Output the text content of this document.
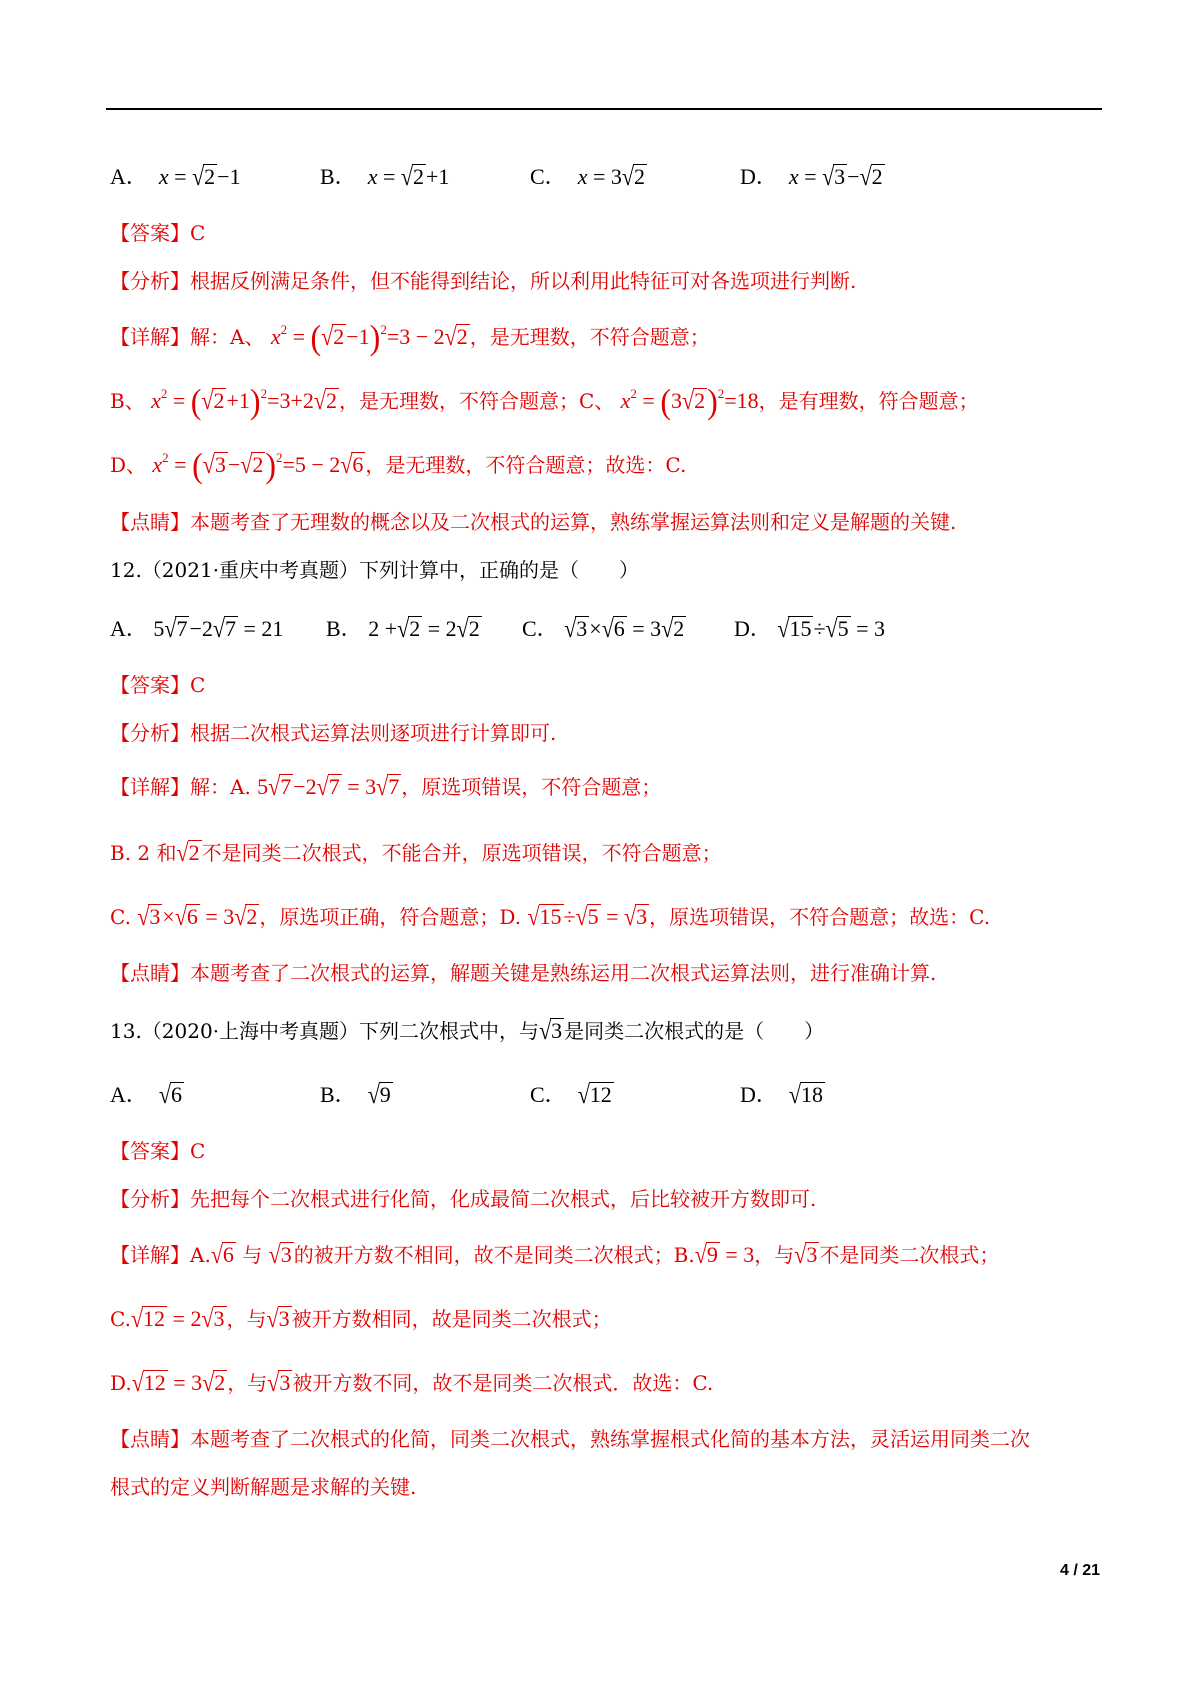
A． x = √2−1	B． x = √2+1	C． x = 3√2	D． x = √3−√2
【答案】C
【分析】根据反例满足条件，但不能得到结论，所以利用此特征可对各选项进行判断.
【详解】解：A、 $x^2 = (√2-1)^2=3 - 2√2$ ，是无理数，不符合题意；
B、 $x^2 = (√2+1)^2=3+2√2$ ，是无理数，不符合题意；C、 $x^2 = (3√2)^2=18$，是有理数，符合题意；
D、 $x^2 = (√3-√2)^2=5 - 2√6$ ，是无理数，不符合题意；故选：C.
【点睛】本题考查了无理数的概念以及二次根式的运算，熟练掌握运算法则和定义是解题的关键.
12.（2021·重庆中考真题）下列计算中，正确的是（　　）
A． 5√7−2√7 = 21 B． 2 +√2 = 2√2 C． √3×√6 = 3√2 D． √15÷√5 = 3
【答案】C
【分析】根据二次根式运算法则逐项进行计算即可.
【详解】解：A. 5√7−2√7 = 3√7 ，原选项错误，不符合题意；
B. 2 和√2 不是同类二次根式，不能合并，原选项错误，不符合题意；
C. √3×√6 = 3√2 ，原选项正确，符合题意；D. √15÷√5 = √3 ，原选项错误，不符合题意；故选：C.
【点睛】本题考查了二次根式的运算，解题关键是熟练运用二次根式运算法则，进行准确计算.
13.（2020·上海中考真题）下列二次根式中，与√3 是同类二次根式的是（　　）
A． √6	B． √9	C． √12	D． √18
【答案】C
【分析】先把每个二次根式进行化简，化成最简二次根式，后比较被开方数即可.
【详解】A.√6 与 √3 的被开方数不相同，故不是同类二次根式；B.√9 = 3，与√3 不是同类二次根式；
C.√12 = 2√3 ，与√3 被开方数相同，故是同类二次根式；
D.√12 = 3√2 ，与√3 被开方数不同，故不是同类二次根式．故选：C.
【点睛】本题考查了二次根式的化简，同类二次根式，熟练掌握根式化简的基本方法，灵活运用同类二次
根式的定义判断解题是求解的关键.
4 / 21
